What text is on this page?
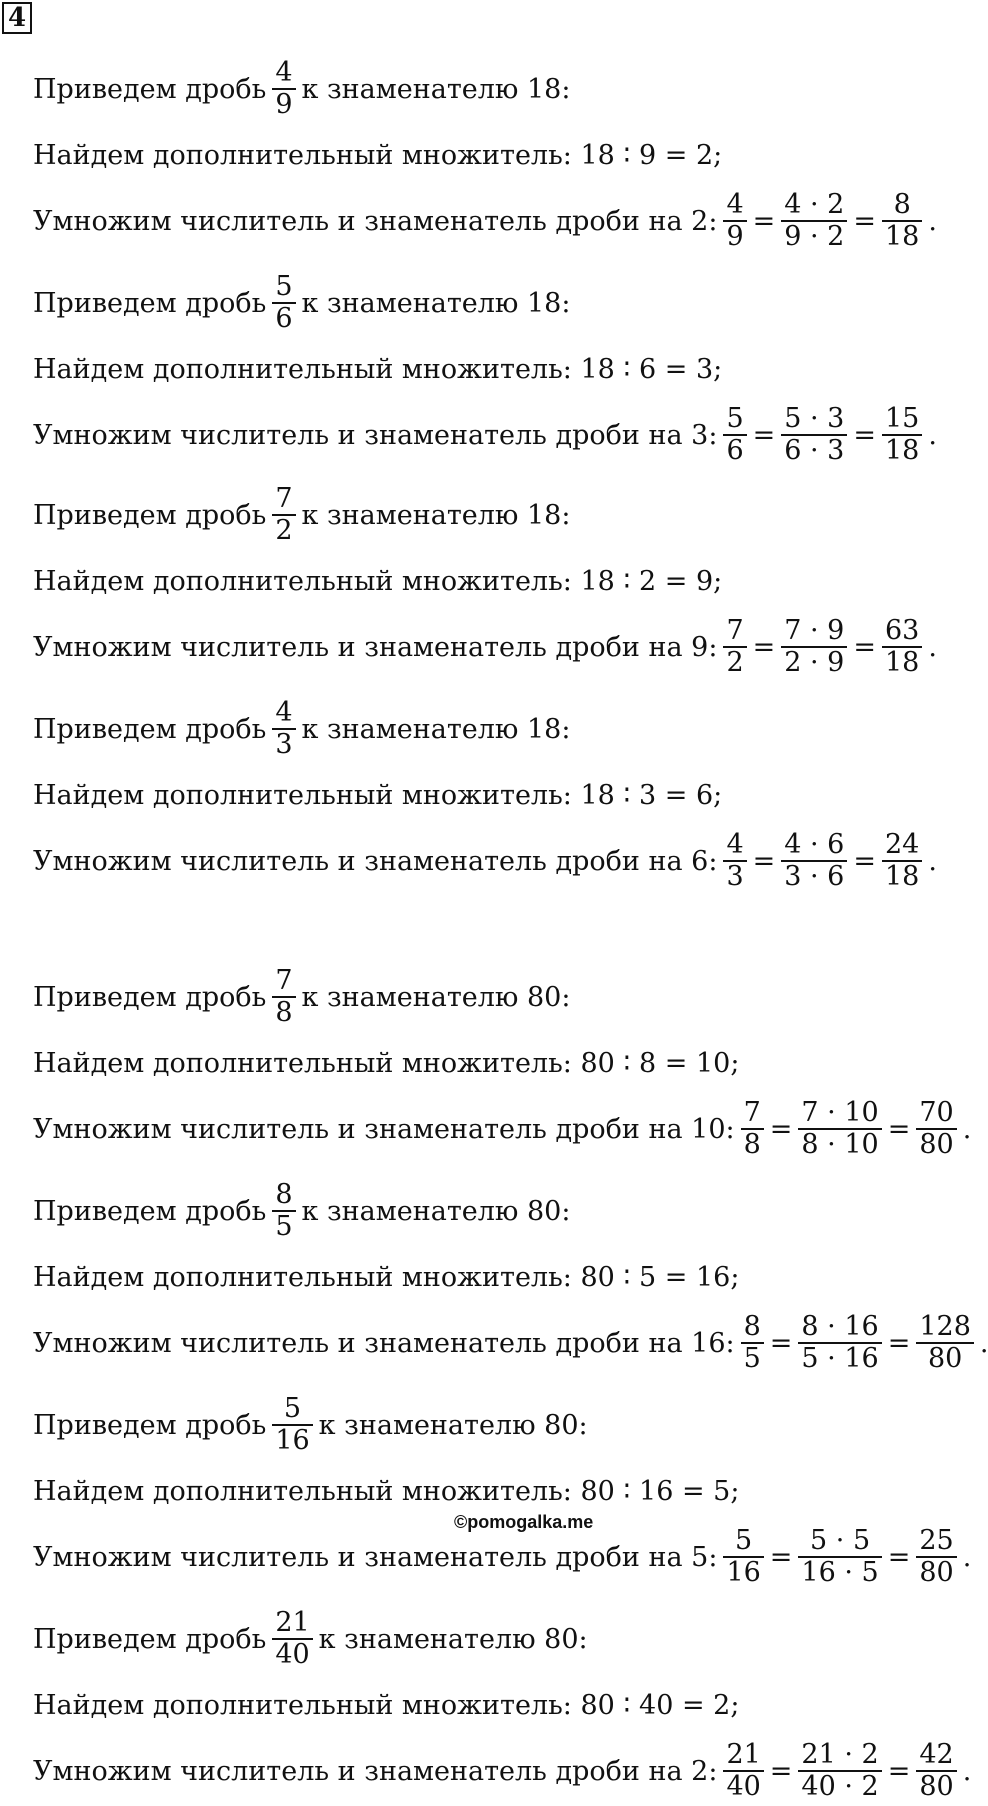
4
Приведем дробь $\frac{4}{9}$ к знаменателю 18:
Найдем дополнительный множитель:
18 ∶ 9 = 2;
Умножим числитель и знаменатель дроби на
2: $\frac{4}{9} = \frac{4 \cdot 2}{9 \cdot 2} = \frac{8}{18}$ .
Приведем дробь $\frac{5}{6}$ к знаменателю 18:
Найдем дополнительный множитель:
18 ∶ 6 = 3;
Умножим числитель и знаменатель дроби на
3: $\frac{5}{6} = \frac{5 \cdot 3}{6 \cdot 3} = \frac{15}{18}$ .
Приведем дробь $\frac{7}{2}$ к знаменателю 18:
Найдем дополнительный множитель:
18 ∶ 2 = 9;
Умножим числитель и знаменатель дроби на
9: $\frac{7}{2} = \frac{7 \cdot 9}{2 \cdot 9} = \frac{63}{18}$ .
Приведем дробь $\frac{4}{3}$ к знаменателю 18:
Найдем дополнительный множитель:
18 ∶ 3 = 6;
Умножим числитель и знаменатель дроби на
6: $\frac{4}{3} = \frac{4 \cdot 6}{3 \cdot 6} = \frac{24}{18}$ .
Приведем дробь $\frac{7}{8}$ к знаменателю 80:
Найдем дополнительный множитель:
80 ∶ 8 = 10;
Умножим числитель и знаменатель дроби на
10: $\frac{7}{8} = \frac{7 \cdot 10}{8 \cdot 10} = \frac{70}{80}$ .
Приведем дробь $\frac{8}{5}$ к знаменателю 80:
Найдем дополнительный множитель:
80 ∶ 5 = 16;
Умножим числитель и знаменатель дроби на
16: $\frac{8}{5} = \frac{8 \cdot 16}{5 \cdot 16} = \frac{128}{80}$ .
Приведем дробь $\frac{5}{16}$ к знаменателю 80:
Найдем дополнительный множитель:
80 ∶ 16 = 5;
©pomogalka.me
Умножим числитель и знаменатель дроби на
5: $\frac{5}{16} = \frac{5 \cdot 5}{16 \cdot 5} = \frac{25}{80}$ .
Приведем дробь $\frac{21}{40}$ к знаменателю 80:
Найдем дополнительный множитель:
80 ∶ 40 = 2;
Умножим числитель и знаменатель дроби на
2: $\frac{21}{40} = \frac{21 \cdot 2}{40 \cdot 2} = \frac{42}{80}$ .
